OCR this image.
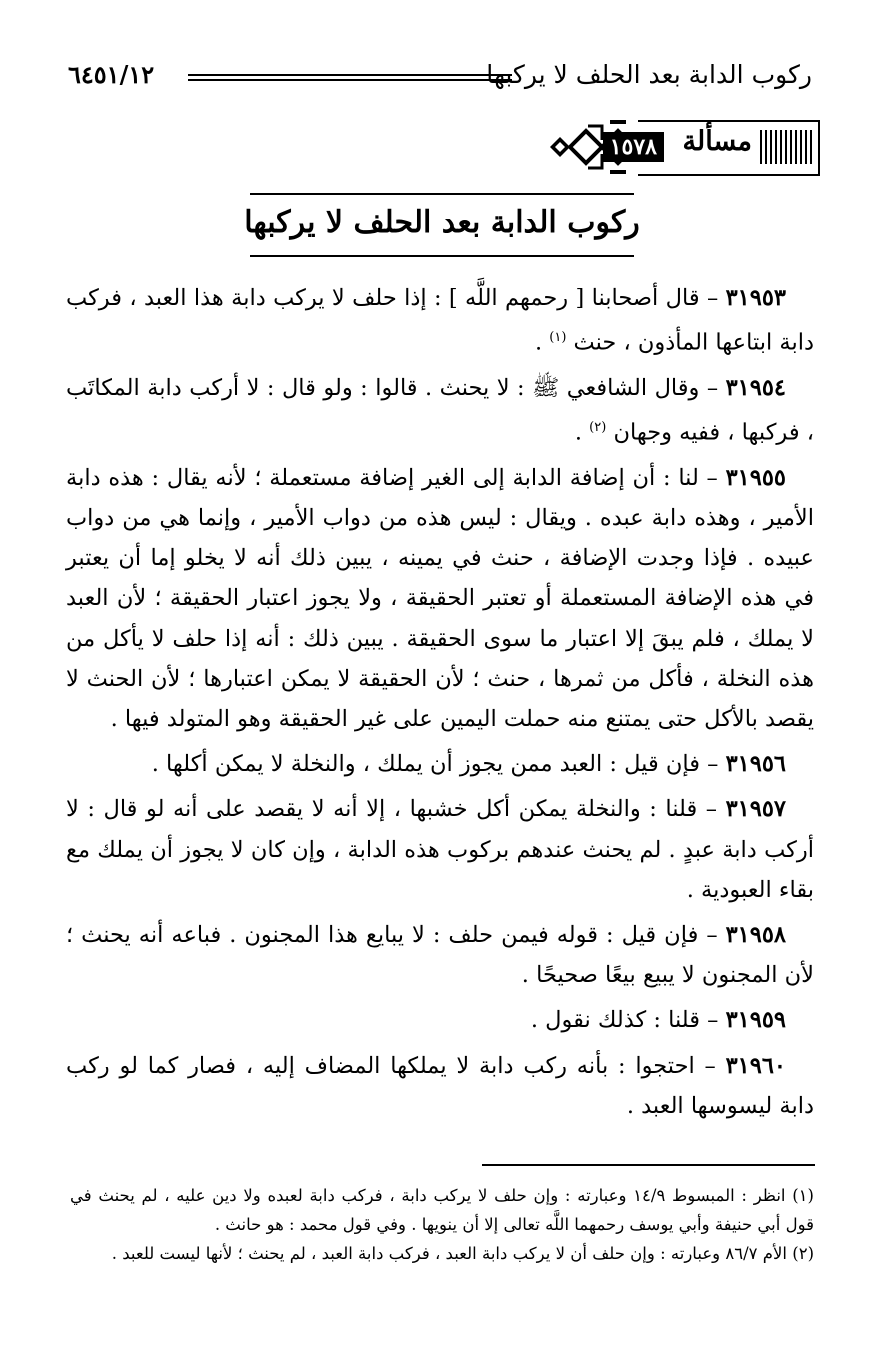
ركوب الدابة بعد الحلف لا يركبها
٦٤٥١/١٢
١٥٧٨ مسألة
ركوب الدابة بعد الحلف لا يركبها

٣١٩٥٣ – قال أصحابنا [ رحمهم اللَّه ] : إذا حلف لا يركب دابة هذا العبد ، فركب دابة ابتاعها المأذون ، حنث $^{(١)}$ .

٣١٩٥٤ – وقال الشافعي ﷺ : لا يحنث . قالوا : ولو قال : لا أركب دابة المكاتَب ، فركبها ، ففيه وجهان $^{(٢)}$ .

٣١٩٥٥ – لنا : أن إضافة الدابة إلى الغير إضافة مستعملة ؛ لأنه يقال : هذه دابة الأمير ، وهذه دابة عبده . ويقال : ليس هذه من دواب الأمير ، وإنما هي من دواب عبيده . فإذا وجدت الإضافة ، حنث في يمينه ، يبين ذلك أنه لا يخلو إما أن يعتبر في هذه الإضافة المستعملة أو تعتبر الحقيقة ، ولا يجوز اعتبار الحقيقة ؛ لأن العبد لا يملك ، فلم يبقَ إلا اعتبار ما سوى الحقيقة . يبين ذلك : أنه إذا حلف لا يأكل من هذه النخلة ، فأكل من ثمرها ، حنث ؛ لأن الحقيقة لا يمكن اعتبارها ؛ لأن الحنث لا يقصد بالأكل حتى يمتنع منه حملت اليمين على غير الحقيقة وهو المتولد فيها .

٣١٩٥٦ – فإن قيل : العبد ممن يجوز أن يملك ، والنخلة لا يمكن أكلها .

٣١٩٥٧ – قلنا : والنخلة يمكن أكل خشبها ، إلا أنه لا يقصد على أنه لو قال : لا أركب دابة عبدٍ . لم يحنث عندهم بركوب هذه الدابة ، وإن كان لا يجوز أن يملك مع بقاء العبودية .

٣١٩٥٨ – فإن قيل : قوله فيمن حلف : لا يبايع هذا المجنون . فباعه أنه يحنث ؛ لأن المجنون لا يبيع بيعًا صحيحًا .

٣١٩٥٩ – قلنا : كذلك نقول .

٣١٩٦٠ – احتجوا : بأنه ركب دابة لا يملكها المضاف إليه ، فصار كما لو ركب دابة ليسوسها العبد .

(١) انظر : المبسوط ١٤/٩ وعبارته : وإن حلف لا يركب دابة ، فركب دابة لعبده ولا دين عليه ، لم يحنث في قول أبي حنيفة وأبي يوسف رحمهما اللَّه تعالى إلا أن ينويها . وفي قول محمد : هو حانث .

(٢) الأم ٨٦/٧ وعبارته : وإن حلف أن لا يركب دابة العبد ، فركب دابة العبد ، لم يحنث ؛ لأنها ليست للعبد .
